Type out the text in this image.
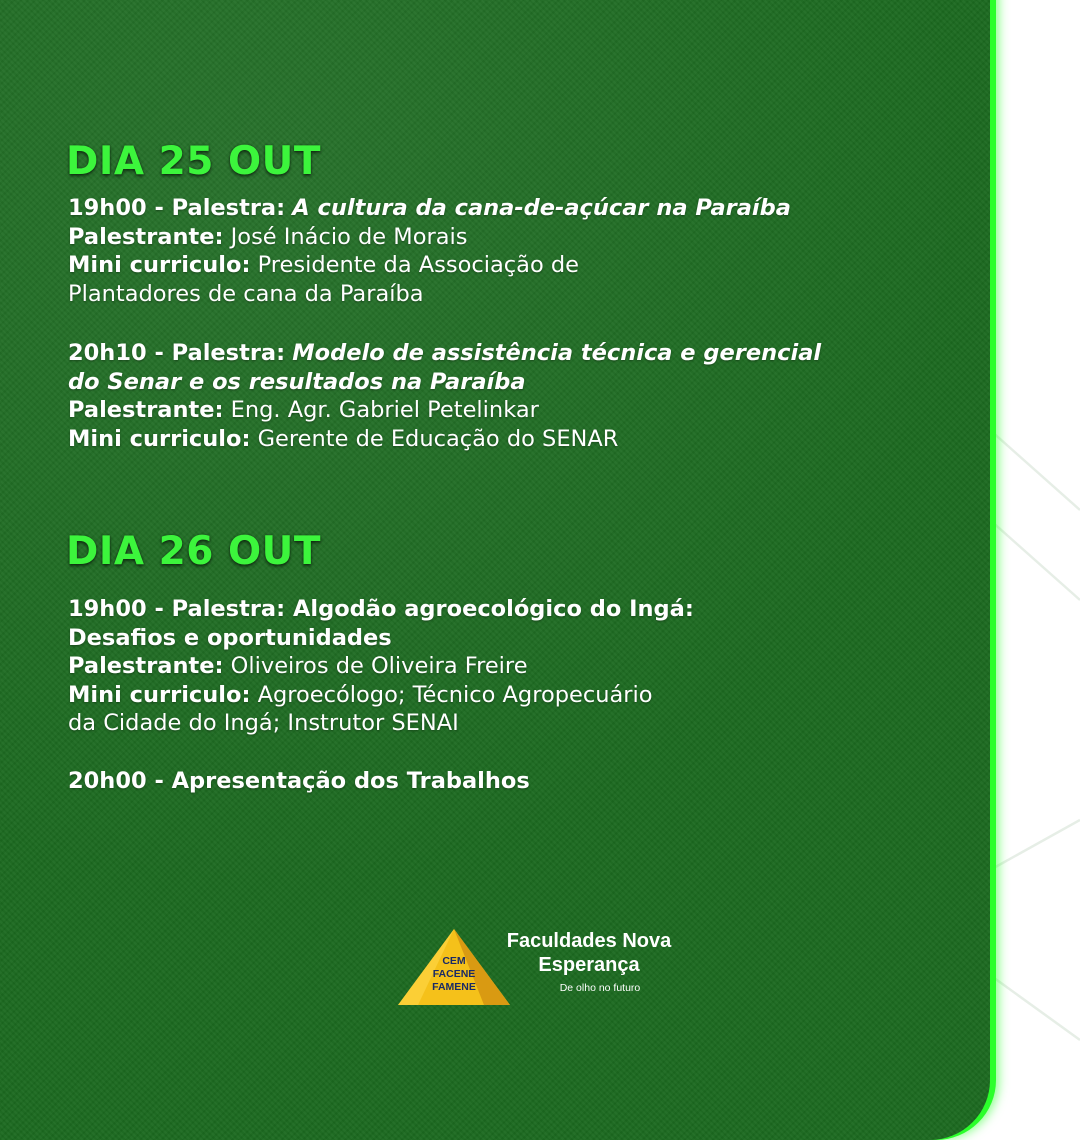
DIA 25 OUT
19h00 - Palestra: A cultura da cana-de-açúcar na Paraíba
Palestrante: José Inácio de Morais
Mini curriculo: Presidente da Associação de
Plantadores de cana da Paraíba
20h10 - Palestra: Modelo de assistência técnica e gerencial
do Senar e os resultados na Paraíba
Palestrante: Eng. Agr. Gabriel Petelinkar
Mini curriculo: Gerente de Educação do SENAR
DIA 26 OUT
19h00 - Palestra: Algodão agroecológico do Ingá:
Desafios e oportunidades
Palestrante: Oliveiros de Oliveira Freire
Mini curriculo: Agroecólogo; Técnico Agropecuário
da Cidade do Ingá; Instrutor SENAI
20h00 - Apresentação dos Trabalhos
CEM
FACENE
FAMENE
Faculdades Nova
Esperança
De olho no futuro
